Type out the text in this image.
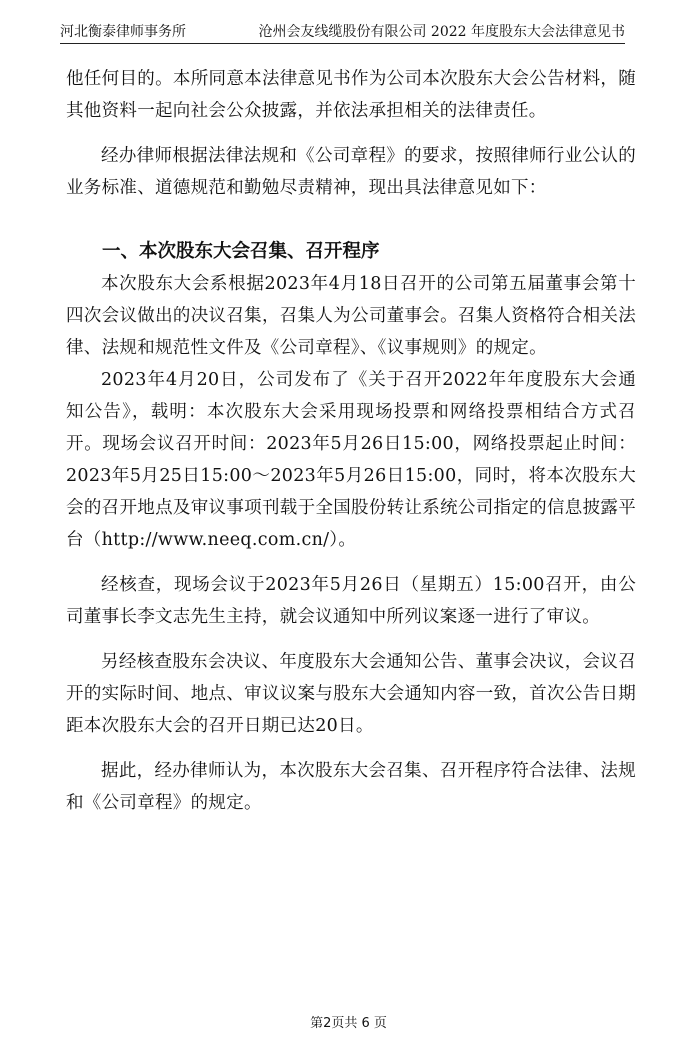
河北衡泰律师事务所	沧州会友线缆股份有限公司 2022 年度股东大会法律意见书

他任何目的。本所同意本法律意见书作为公司本次股东大会公告材料，随其他资料一起向社会公众披露，并依法承担相关的法律责任。

经办律师根据法律法规和《公司章程》的要求，按照律师行业公认的业务标准、道德规范和勤勉尽责精神，现出具法律意见如下：

一、本次股东大会召集、召开程序

本次股东大会系根据2023年4月18日召开的公司第五届董事会第十四次会议做出的决议召集，召集人为公司董事会。召集人资格符合相关法律、法规和规范性文件及《公司章程》、《议事规则》的规定。

2023年4月20日，公司发布了《关于召开2022年年度股东大会通知公告》，载明：本次股东大会采用现场投票和网络投票相结合方式召开。现场会议召开时间：2023年5月26日15:00，网络投票起止时间：2023年5月25日15:00～2023年5月26日15:00，同时，将本次股东大会的召开地点及审议事项刊载于全国股份转让系统公司指定的信息披露平台（http://www.neeq.com.cn/）。

经核查，现场会议于2023年5月26日（星期五）15:00召开，由公司董事长李文志先生主持，就会议通知中所列议案逐一进行了审议。

另经核查股东会决议、年度股东大会通知公告、董事会决议，会议召开的实际时间、地点、审议议案与股东大会通知内容一致，首次公告日期距本次股东大会的召开日期已达20日。

据此，经办律师认为，本次股东大会召集、召开程序符合法律、法规和《公司章程》的规定。

第2页共 6 页
